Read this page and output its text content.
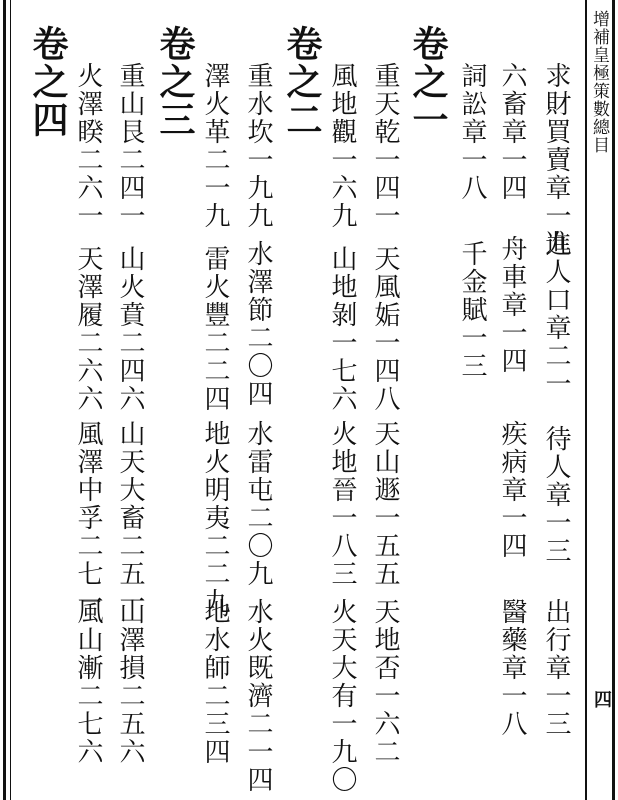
增補皇極策數總目
四
求財買賣章一九
進人口章二一
待人章一三
出行章一三
六畜章一四
舟車章一四
疾病章一四
醫藥章一八
詞訟章一八
千金賦一三
卷之一
重天乾一四一
天風姤一四八
天山遯一五五
天地否一六二
風地觀一六九
山地剝一七六
火地晉一八三
火天大有一九〇
卷之二
重水坎一九九
水澤節二〇四
水雷屯二〇九
水火既濟二一四
澤火革二一九
雷火豐二二四
地火明夷二二九
地水師二三四
卷之三
重山艮二四一
山火賁二四六
山天大畜二五一
山澤損二五六
火澤睽二六一
天澤履二六六
風澤中孚二七一
風山漸二七六
卷之四
